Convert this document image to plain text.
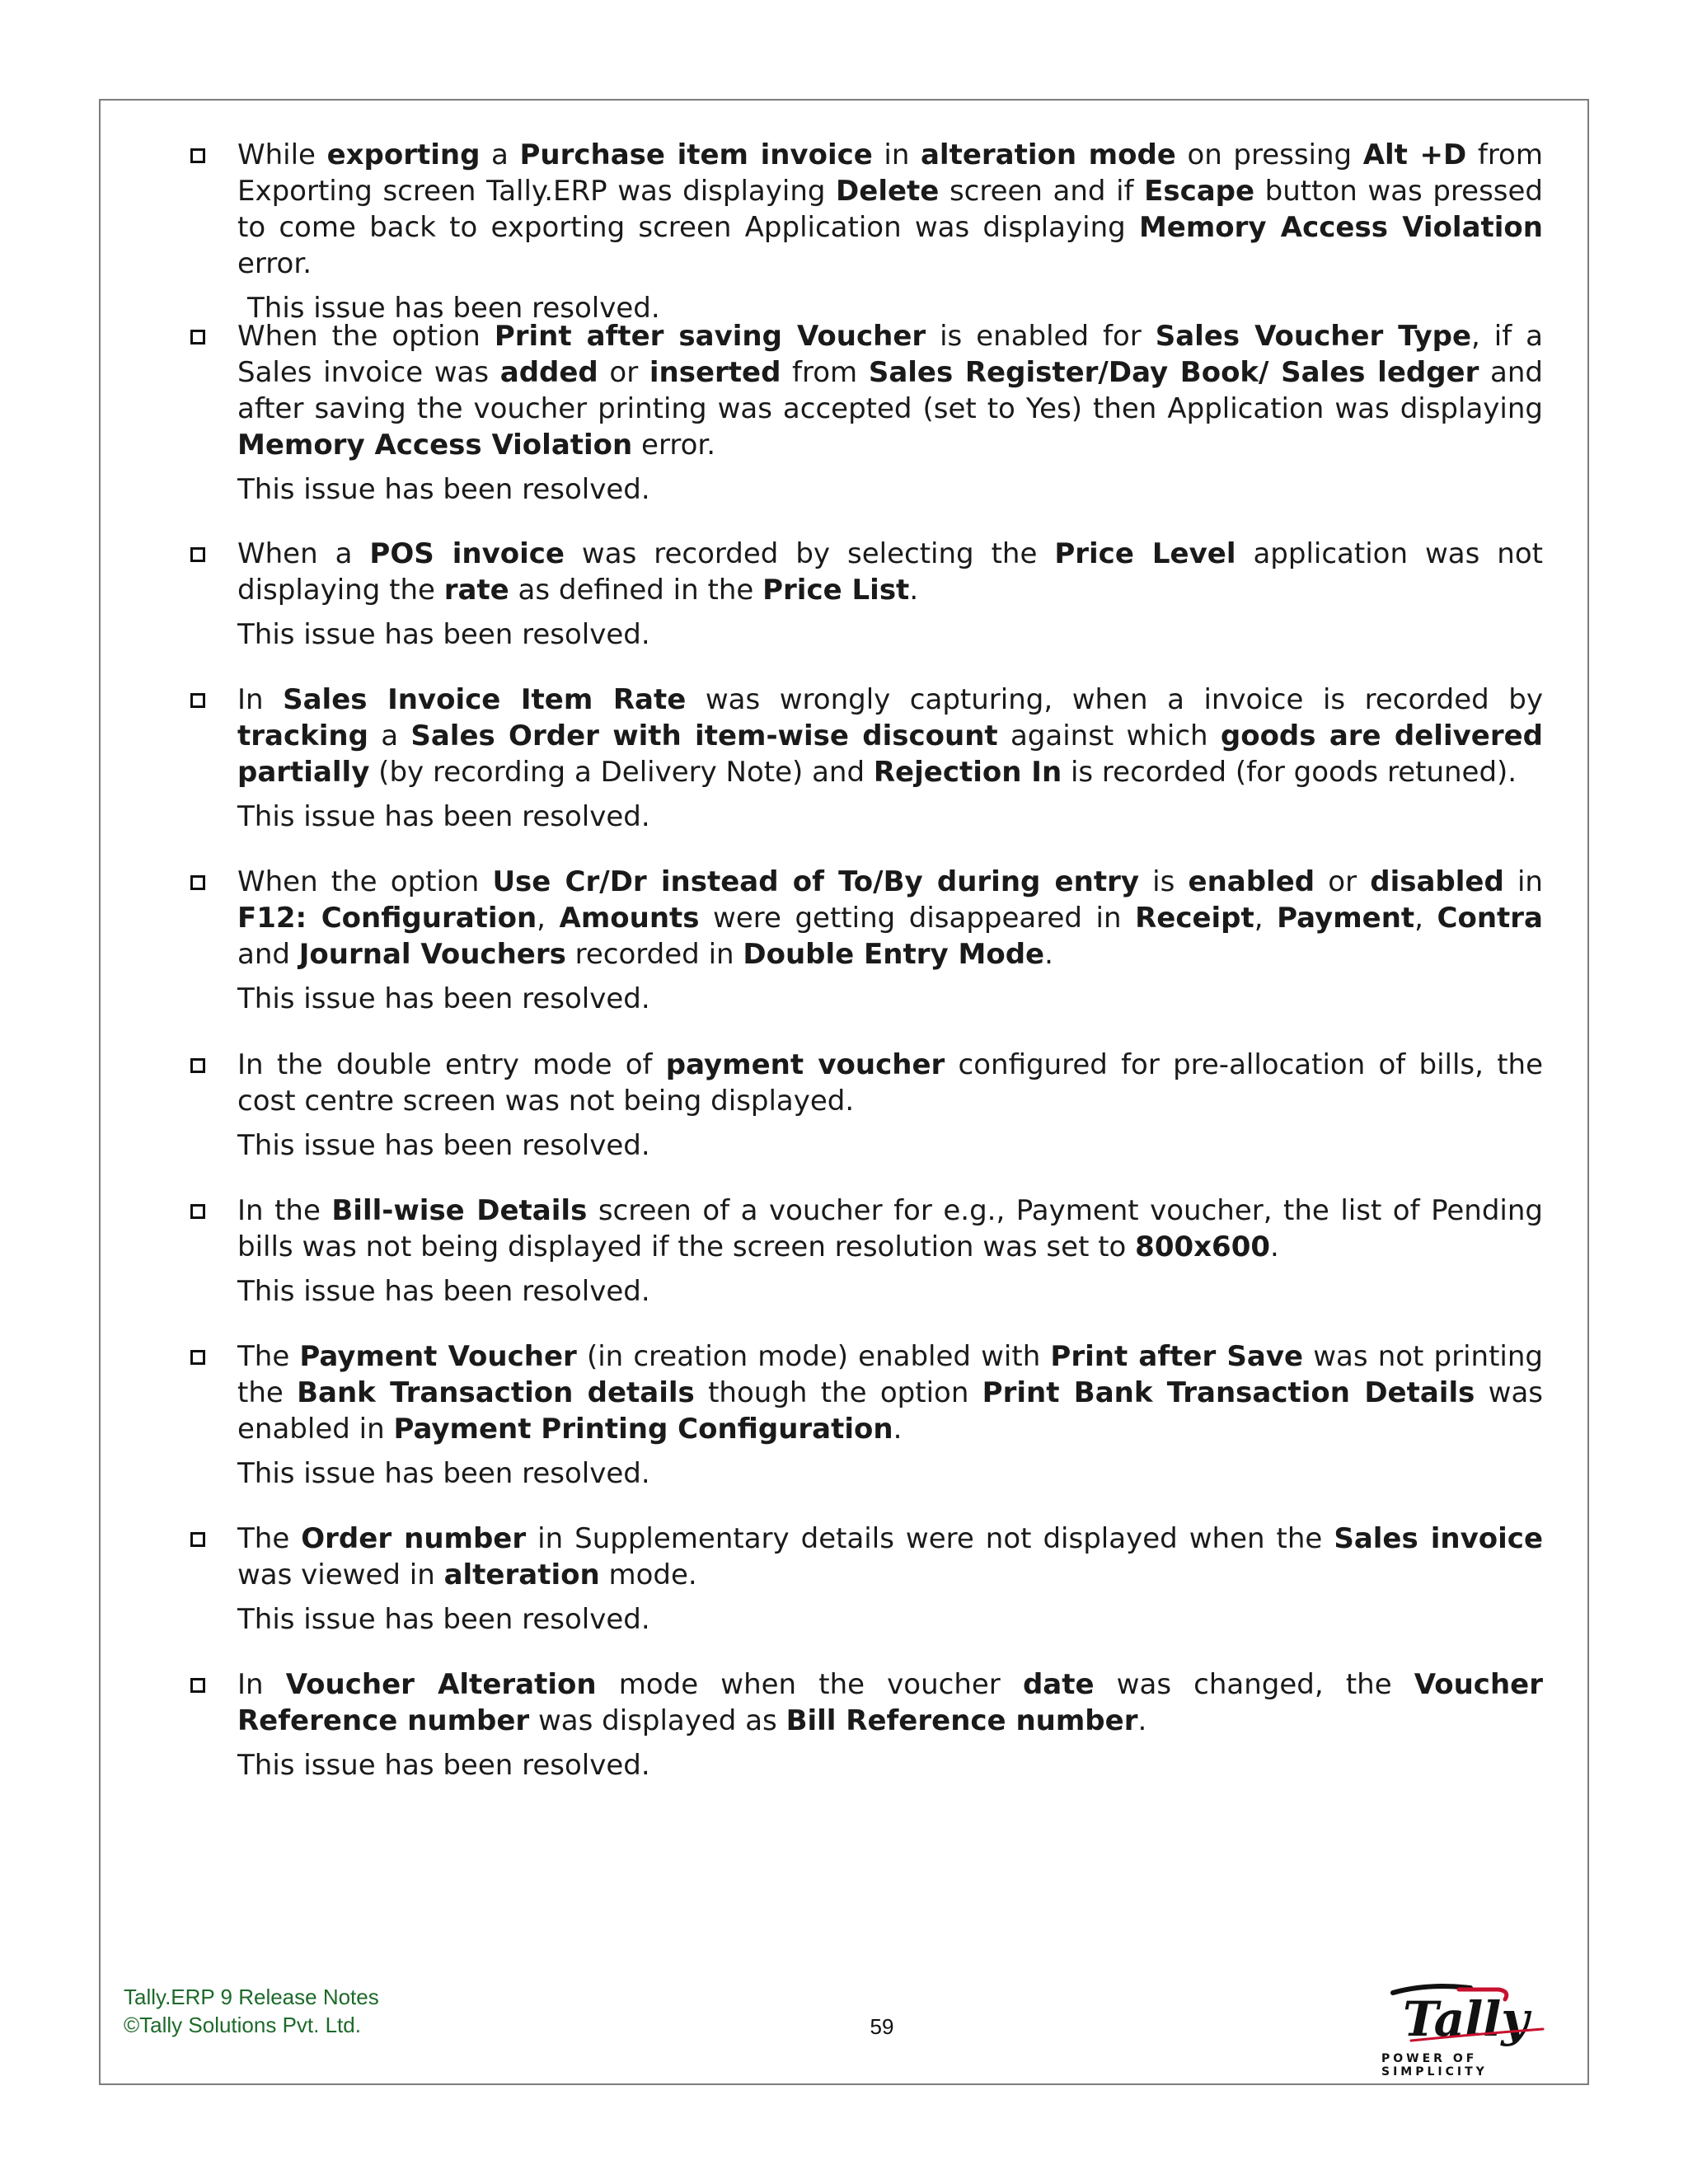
While exporting a Purchase item invoice in alteration mode on pressing Alt +D from Exporting screen Tally.ERP was displaying Delete screen and if Escape button was pressed to come back to exporting screen Application was displaying Memory Access Violation error.
This issue has been resolved.
When the option Print after saving Voucher is enabled for Sales Voucher Type, if a Sales invoice was added or inserted from Sales Register/Day Book/ Sales ledger and after saving the voucher printing was accepted (set to Yes) then Application was displaying Memory Access Violation error.
This issue has been resolved.
When a POS invoice was recorded by selecting the Price Level application was not displaying the rate as defined in the Price List.
This issue has been resolved.
In Sales Invoice Item Rate was wrongly capturing, when a invoice is recorded by tracking a Sales Order with item-wise discount against which goods are delivered partially (by recording a Delivery Note) and Rejection In is recorded (for goods retuned).
This issue has been resolved.
When the option Use Cr/Dr instead of To/By during entry is enabled or disabled in F12: Configuration, Amounts were getting disappeared in Receipt, Payment, Contra and Journal Vouchers recorded in Double Entry Mode.
This issue has been resolved.
In the double entry mode of payment voucher configured for pre-allocation of bills, the cost centre screen was not being displayed.
This issue has been resolved.
In the Bill-wise Details screen of a voucher for e.g., Payment voucher, the list of Pending bills was not being displayed if the screen resolution was set to 800x600.
This issue has been resolved.
The Payment Voucher (in creation mode) enabled with Print after Save was not printing the Bank Transaction details though the option Print Bank Transaction Details was enabled in Payment Printing Configuration.
This issue has been resolved.
The Order number in Supplementary details were not displayed when the Sales invoice was viewed in alteration mode.
This issue has been resolved.
In Voucher Alteration mode when the voucher date was changed, the Voucher Reference number was displayed as Bill Reference number.
This issue has been resolved.
Tally.ERP 9 Release Notes
©Tally Solutions Pvt. Ltd.	59	Tally
POWER OF SIMPLICITY
